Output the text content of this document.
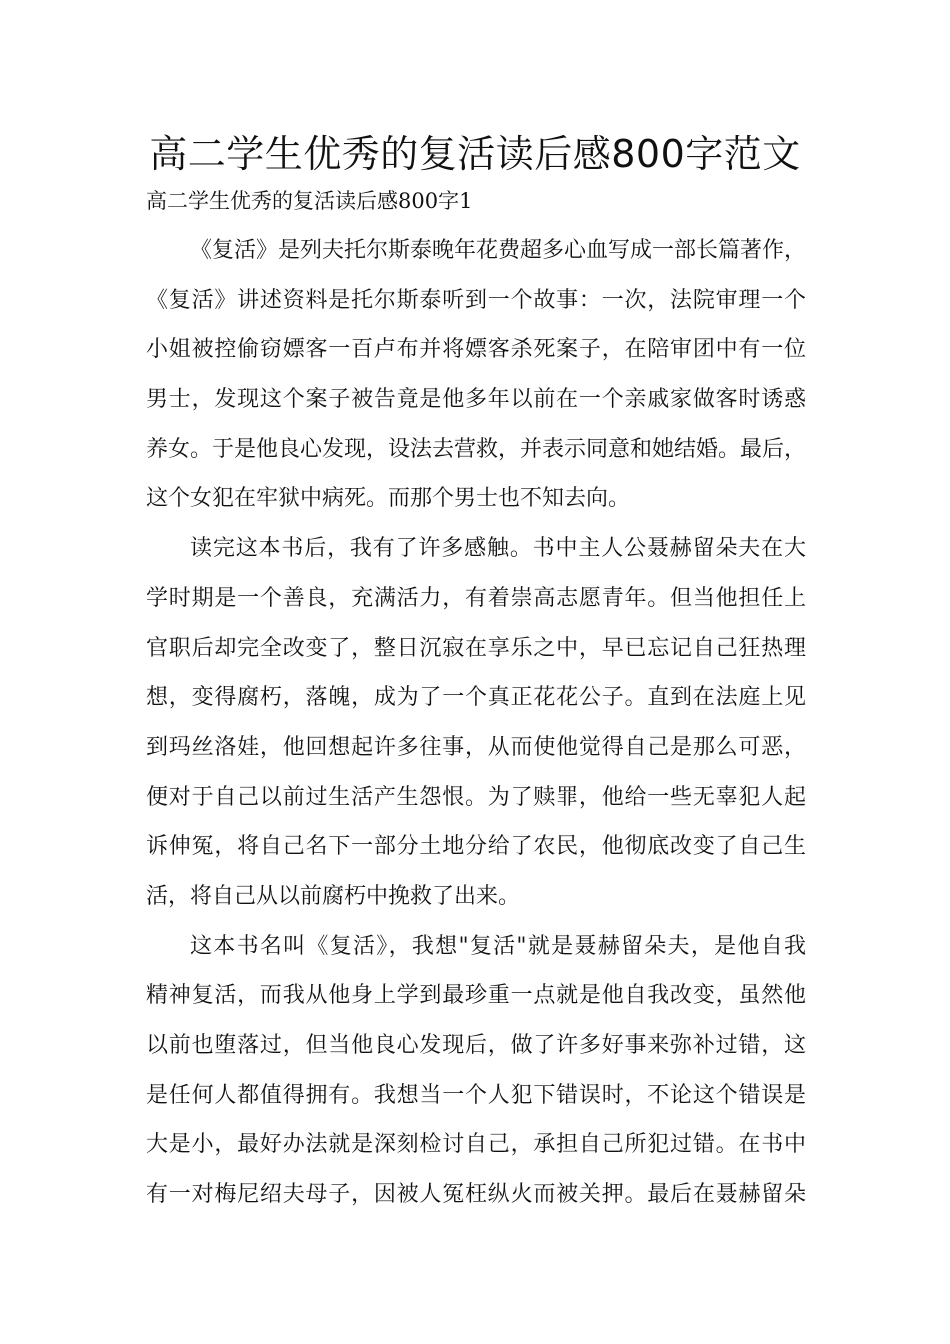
高二学生优秀的复活读后感800字范文

高二学生优秀的复活读后感800字1

《复活》是列夫托尔斯泰晚年花费超多心血写成一部长篇著作，
《复活》讲述资料是托尔斯泰听到一个故事：一次，法院审理一个
小姐被控偷窃嫖客一百卢布并将嫖客杀死案子，在陪审团中有一位
男士，发现这个案子被告竟是他多年以前在一个亲戚家做客时诱惑
养女。于是他良心发现，设法去营救，并表示同意和她结婚。最后，
这个女犯在牢狱中病死。而那个男士也不知去向。
读完这本书后，我有了许多感触。书中主人公聂赫留朵夫在大
学时期是一个善良，充满活力，有着崇高志愿青年。但当他担任上
官职后却完全改变了，整日沉寂在享乐之中，早已忘记自己狂热理
想，变得腐朽，落魄，成为了一个真正花花公子。直到在法庭上见
到玛丝洛娃，他回想起许多往事，从而使他觉得自己是那么可恶，
便对于自己以前过生活产生怨恨。为了赎罪，他给一些无辜犯人起
诉伸冤，将自己名下一部分土地分给了农民，他彻底改变了自己生
活，将自己从以前腐朽中挽救了出来。
这本书名叫《复活》，我想"复活"就是聂赫留朵夫，是他自我
精神复活，而我从他身上学到最珍重一点就是他自我改变，虽然他
以前也堕落过，但当他良心发现后，做了许多好事来弥补过错，这
是任何人都值得拥有。我想当一个人犯下错误时，不论这个错误是
大是小，最好办法就是深刻检讨自己，承担自己所犯过错。在书中
有一对梅尼绍夫母子，因被人冤枉纵火而被关押。最后在聂赫留朵
